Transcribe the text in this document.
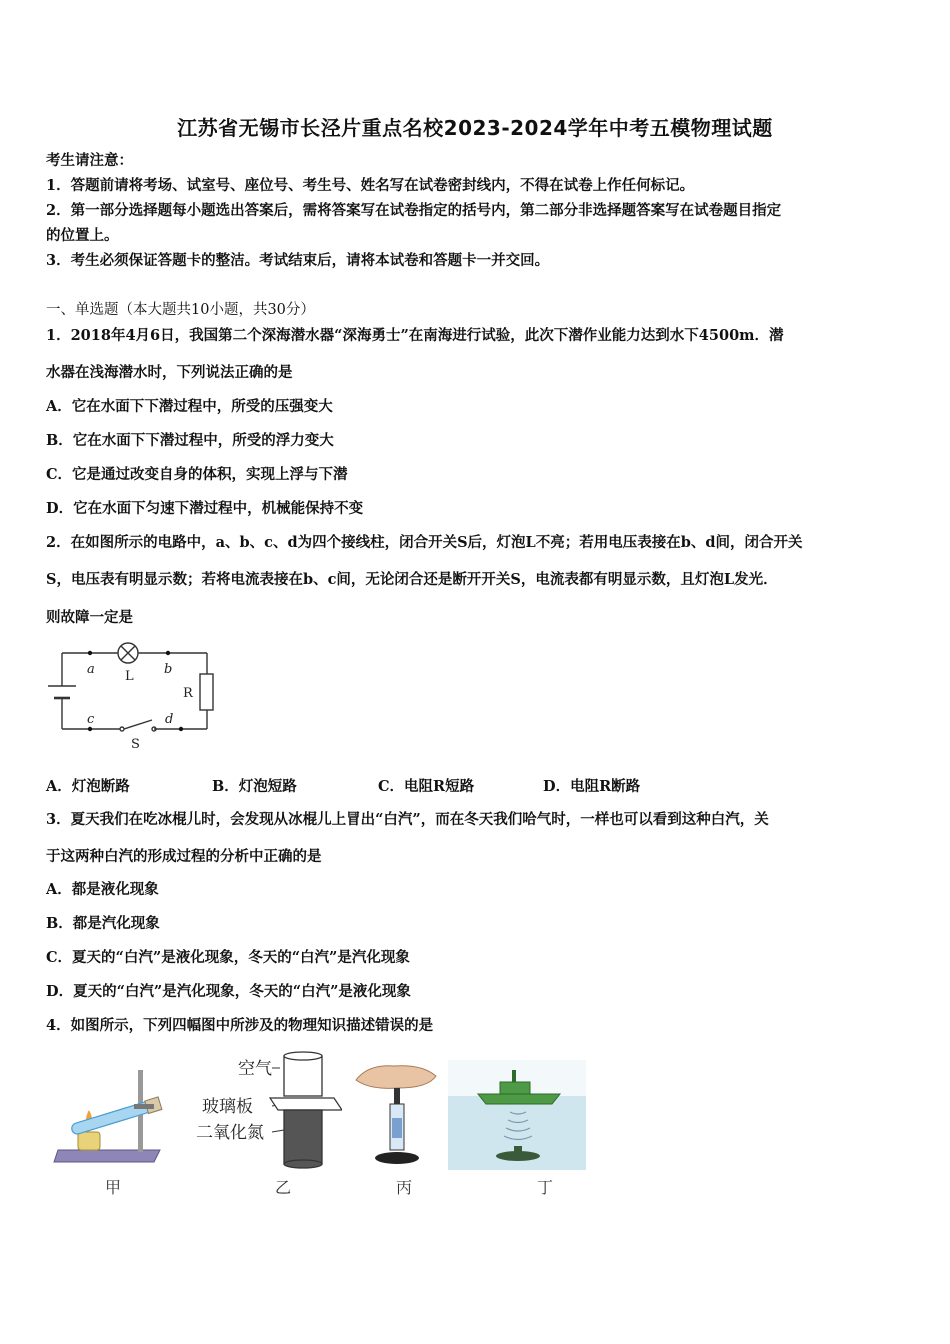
江苏省无锡市长泾片重点名校2023-2024学年中考五模物理试题
考生请注意：
1．答题前请将考场、试室号、座位号、考生号、姓名写在试卷密封线内，不得在试卷上作任何标记。
2．第一部分选择题每小题选出答案后，需将答案写在试卷指定的括号内，第二部分非选择题答案写在试卷题目指定
的位置上。
3．考生必须保证答题卡的整洁。考试结束后，请将本试卷和答题卡一并交回。
一、单选题（本大题共10小题，共30分）
1．2018年4月6日，我国第二个深海潜水器“深海勇士”在南海进行试验，此次下潜作业能力达到水下4500m．潜
水器在浅海潜水时，下列说法正确的是
A．它在水面下下潜过程中，所受的压强变大
B．它在水面下下潜过程中，所受的浮力变大
C．它是通过改变自身的体积，实现上浮与下潜
D．它在水面下匀速下潜过程中，机械能保持不变
2．在如图所示的电路中，a、b、c、d为四个接线柱，闭合开关S后，灯泡L不亮；若用电压表接在b、d间，闭合开关
S，电压表有明显示数；若将电流表接在b、c间，无论闭合还是断开开关S，电流表都有明显示数，且灯泡L发光．
则故障一定是
a	b
L
R
c	d
S
A．灯泡断路	B．灯泡短路	C．电阻R短路	D．电阻R断路
3．夏天我们在吃冰棍儿时，会发现从冰棍儿上冒出“白汽”，而在冬天我们哈气时，一样也可以看到这种白汽，关
于这两种白汽的形成过程的分析中正确的是
A．都是液化现象
B．都是汽化现象
C．夏天的“白汽”是液化现象，冬天的“白汽”是汽化现象
D．夏天的“白汽”是汽化现象，冬天的“白汽”是液化现象
4．如图所示，下列四幅图中所涉及的物理知识描述错误的是
甲
空气
玻璃板
二氧化氮
乙	丙	丁
